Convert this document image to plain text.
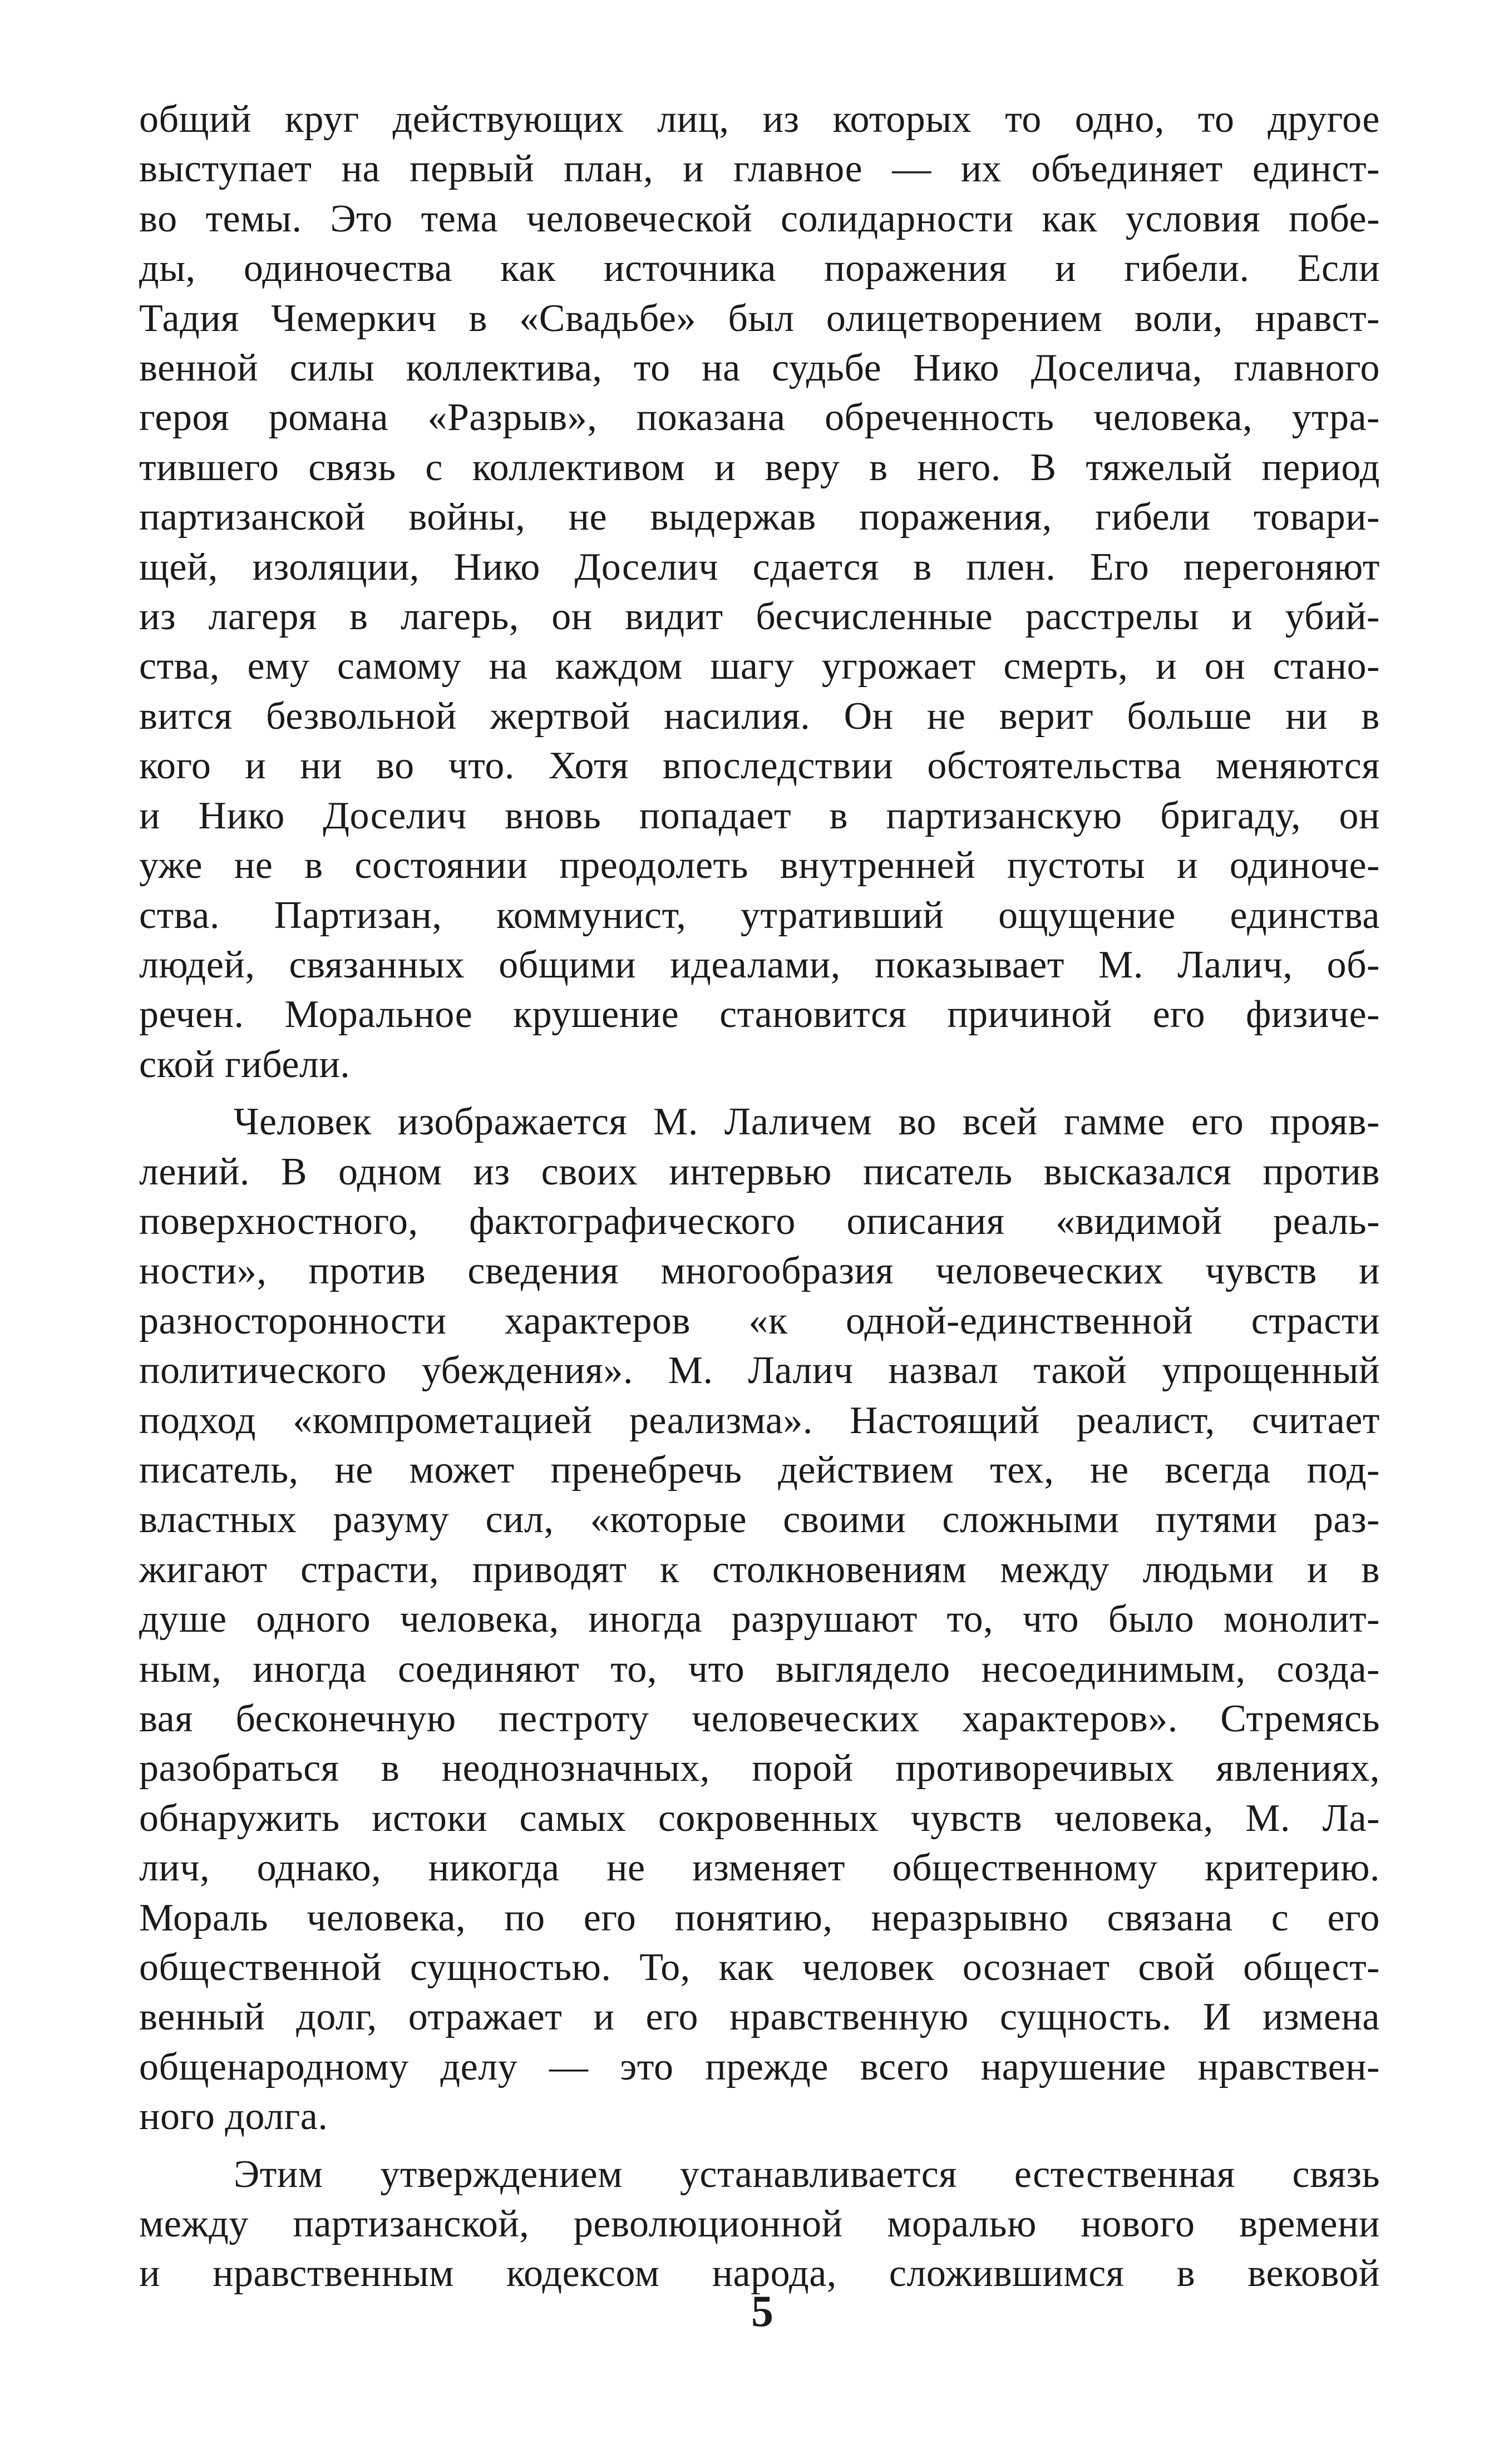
общий круг действующих лиц, из которых то одно, то другое
выступает на первый план, и главное — их объединяет единст-
во темы. Это тема человеческой солидарности как условия побе-
ды, одиночества как источника поражения и гибели. Если
Тадия Чемеркич в «Свадьбе» был олицетворением воли, нравст-
венной силы коллектива, то на судьбе Нико Доселича, главного
героя романа «Разрыв», показана обреченность человека, утра-
тившего связь с коллективом и веру в него. В тяжелый период
партизанской войны, не выдержав поражения, гибели товари-
щей, изоляции, Нико Доселич сдается в плен. Его перегоняют
из лагеря в лагерь, он видит бесчисленные расстрелы и убий-
ства, ему самому на каждом шагу угрожает смерть, и он стано-
вится безвольной жертвой насилия. Он не верит больше ни в
кого и ни во что. Хотя впоследствии обстоятельства меняются
и Нико Доселич вновь попадает в партизанскую бригаду, он
уже не в состоянии преодолеть внутренней пустоты и одиноче-
ства. Партизан, коммунист, утративший ощущение единства
людей, связанных общими идеалами, показывает М. Лалич, об-
речен. Моральное крушение становится причиной его физиче-
ской гибели.
Человек изображается М. Лаличем во всей гамме его прояв-
лений. В одном из своих интервью писатель высказался против
поверхностного, фактографического описания «видимой реаль-
ности», против сведения многообразия человеческих чувств и
разносторонности характеров «к одной-единственной страсти
политического убеждения». М. Лалич назвал такой упрощенный
подход «компрометацией реализма». Настоящий реалист, считает
писатель, не может пренебречь действием тех, не всегда под-
властных разуму сил, «которые своими сложными путями раз-
жигают страсти, приводят к столкновениям между людьми и в
душе одного человека, иногда разрушают то, что было монолит-
ным, иногда соединяют то, что выглядело несоединимым, созда-
вая бесконечную пестроту человеческих характеров». Стремясь
разобраться в неоднозначных, порой противоречивых явлениях,
обнаружить истоки самых сокровенных чувств человека, М. Ла-
лич, однако, никогда не изменяет общественному критерию.
Мораль человека, по его понятию, неразрывно связана с его
общественной сущностью. То, как человек осознает свой общест-
венный долг, отражает и его нравственную сущность. И измена
общенародному делу — это прежде всего нарушение нравствен-
ного долга.
Этим утверждением устанавливается естественная связь
между партизанской, революционной моралью нового времени
и нравственным кодексом народа, сложившимся в вековой
5
